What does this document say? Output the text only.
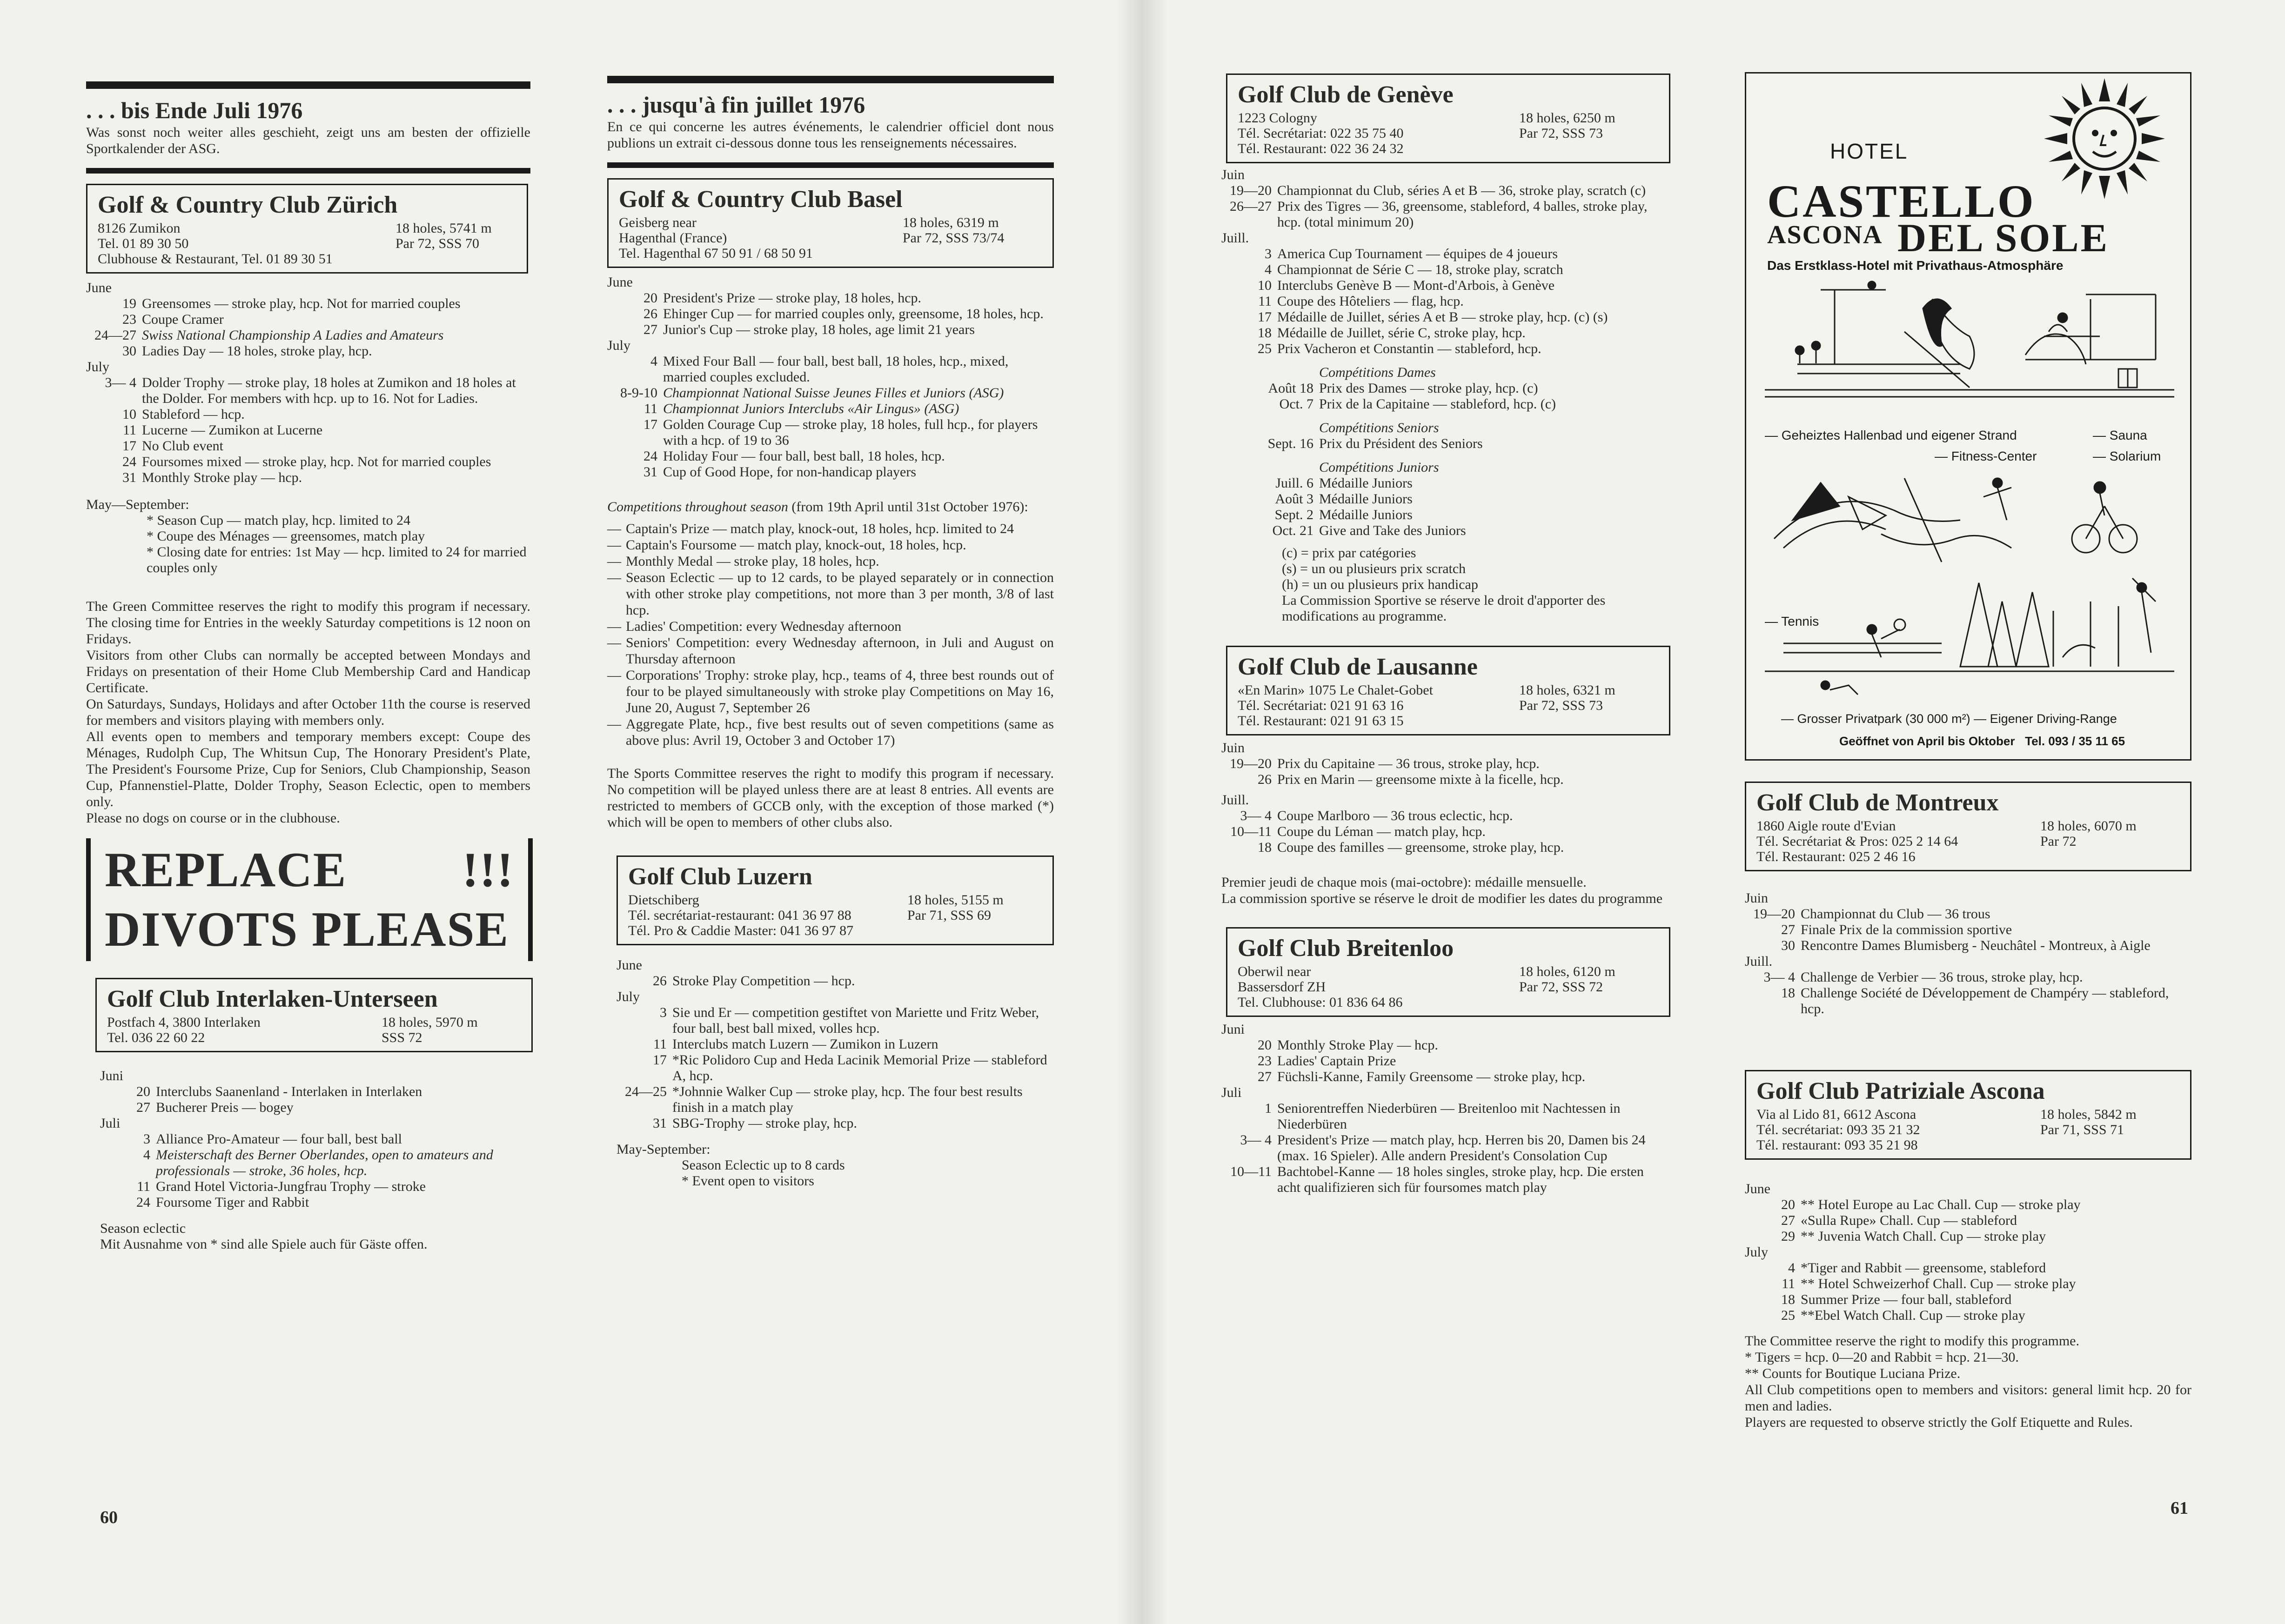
. . . bis Ende Juli 1976
Was sonst noch weiter alles geschieht, zeigt uns am besten der offizielle Sportkalender der ASG.
Golf & Country Club Zürich
8126 Zumikon
Tel. 01 89 30 50
Clubhouse & Restaurant, Tel. 01 89 30 51
18 holes, 5741 m
Par 72, SSS 70
June
19 Greensomes — stroke play, hcp. Not for married couples
23 Coupe Cramer
24—27 Swiss National Championship A Ladies and Amateurs
30 Ladies Day — 18 holes, stroke play, hcp.
July
3— 4 Dolder Trophy — stroke play, 18 holes at Zumikon and 18 holes at the Dolder. For members with hcp. up to 16. Not for Ladies.
10 Stableford — hcp.
11 Lucerne — Zumikon at Lucerne
17 No Club event
24 Foursomes mixed — stroke play, hcp. Not for married couples
31 Monthly Stroke play — hcp.
May—September:
* Season Cup — match play, hcp. limited to 24
* Coupe des Ménages — greensomes, match play
* Closing date for entries: 1st May — hcp. limited to 24 for married couples only
The Green Committee reserves the right to modify this program if necessary. The closing time for Entries in the weekly Saturday competitions is 12 noon on Fridays.
Visitors from other Clubs can normally be accepted between Mondays and Fridays on presentation of their Home Club Membership Card and Handicap Certificate.
On Saturdays, Sundays, Holidays and after October 11th the course is reserved for members and visitors playing with members only.
All events open to members and temporary members except: Coupe des Ménages, Rudolph Cup, The Whitsun Cup, The Honorary President's Plate, The President's Foursome Prize, Cup for Seniors, Club Championship, Season Cup, Pfannenstiel-Platte, Dolder Trophy, Season Eclectic, open to members only.
Please no dogs on course or in the clubhouse.
REPLACE !!!
DIVOTS PLEASE
Golf Club Interlaken-Unterseen
Postfach 4, 3800 Interlaken
Tel. 036 22 60 22
18 holes, 5970 m
SSS 72
Juni
20 Interclubs Saanenland - Interlaken in Interlaken
27 Bucherer Preis — bogey
Juli
3 Alliance Pro-Amateur — four ball, best ball
4 Meisterschaft des Berner Oberlandes, open to amateurs and professionals — stroke, 36 holes, hcp.
11 Grand Hotel Victoria-Jungfrau Trophy — stroke
24 Foursome Tiger and Rabbit
Season eclectic
Mit Ausnahme von * sind alle Spiele auch für Gäste offen.
. . . jusqu'à fin juillet 1976
En ce qui concerne les autres événements, le calendrier officiel dont nous publions un extrait ci-dessous donne tous les renseignements nécessaires.
Golf & Country Club Basel
Geisberg near
Hagenthal (France)
Tel. Hagenthal 67 50 91 / 68 50 91
18 holes, 6319 m
Par 72, SSS 73/74
June
20 President's Prize — stroke play, 18 holes, hcp.
26 Ehinger Cup — for married couples only, greensome, 18 holes, hcp.
27 Junior's Cup — stroke play, 18 holes, age limit 21 years
July
4 Mixed Four Ball — four ball, best ball, 18 holes, hcp., mixed, married couples excluded.
8-9-10 Championnat National Suisse Jeunes Filles et Juniors (ASG)
11 Championnat Juniors Interclubs «Air Lingus» (ASG)
17 Golden Courage Cup — stroke play, 18 holes, full hcp., for players with a hcp. of 19 to 36
24 Holiday Four — four ball, best ball, 18 holes, hcp.
31 Cup of Good Hope, for non-handicap players
Competitions throughout season (from 19th April until 31st October 1976):
— Captain's Prize — match play, knock-out, 18 holes, hcp. limited to 24
— Captain's Foursome — match play, knock-out, 18 holes, hcp.
— Monthly Medal — stroke play, 18 holes, hcp.
— Season Eclectic — up to 12 cards, to be played separately or in connection with other stroke play competitions, not more than 3 per month, 3/8 of last hcp.
— Ladies' Competition: every Wednesday afternoon
— Seniors' Competition: every Wednesday afternoon, in Juli and August on Thursday afternoon
— Corporations' Trophy: stroke play, hcp., teams of 4, three best rounds out of four to be played simultaneously with stroke play Competitions on May 16, June 20, August 7, September 26
— Aggregate Plate, hcp., five best results out of seven competitions (same as above plus: Avril 19, October 3 and October 17)
The Sports Committee reserves the right to modify this program if necessary. No competition will be played unless there are at least 8 entries. All events are restricted to members of GCCB only, with the exception of those marked (*) which will be open to members of other clubs also.
Golf Club Luzern
Dietschiberg
Tél. secrétariat-restaurant: 041 36 97 88
Tél. Pro & Caddie Master: 041 36 97 87
18 holes, 5155 m
Par 71, SSS 69
June
26 Stroke Play Competition — hcp.
July
3 Sie und Er — competition gestiftet von Mariette und Fritz Weber, four ball, best ball mixed, volles hcp.
11 Interclubs match Luzern — Zumikon in Luzern
17 *Ric Polidoro Cup and Heda Lacinik Memorial Prize — stableford A, hcp.
24—25 *Johnnie Walker Cup — stroke play, hcp. The four best results finish in a match play
31 SBG-Trophy — stroke play, hcp.
May-September:
Season Eclectic up to 8 cards
* Event open to visitors
60

Golf Club de Genève
1223 Cologny
Tél. Secrétariat: 022 35 75 40
Tél. Restaurant: 022 36 24 32
18 holes, 6250 m
Par 72, SSS 73
Juin
19—20 Championnat du Club, séries A et B — 36, stroke play, scratch (c)
26—27 Prix des Tigres — 36, greensome, stableford, 4 balles, stroke play, hcp. (total minimum 20)
Juill.
3 America Cup Tournament — équipes de 4 joueurs
4 Championnat de Série C — 18, stroke play, scratch
10 Interclubs Genève B — Mont-d'Arbois, à Genève
11 Coupe des Hôteliers — flag, hcp.
17 Médaille de Juillet, séries A et B — stroke play, hcp. (c) (s)
18 Médaille de Juillet, série C, stroke play, hcp.
25 Prix Vacheron et Constantin — stableford, hcp.
Compétitions Dames
Août 18 Prix des Dames — stroke play, hcp. (c)
Oct. 7 Prix de la Capitaine — stableford, hcp. (c)
Compétitions Seniors
Sept. 16 Prix du Président des Seniors
Compétitions Juniors
Juill. 6 Médaille Juniors
Août 3 Médaille Juniors
Sept. 2 Médaille Juniors
Oct. 21 Give and Take des Juniors
(c) = prix par catégories
(s) = un ou plusieurs prix scratch
(h) = un ou plusieurs prix handicap
La Commission Sportive se réserve le droit d'apporter des modifications au programme.
Golf Club de Lausanne
«En Marin» 1075 Le Chalet-Gobet
Tél. Secrétariat: 021 91 63 16
Tél. Restaurant: 021 91 63 15
18 holes, 6321 m
Par 72, SSS 73
Juin
19—20 Prix du Capitaine — 36 trous, stroke play, hcp.
26 Prix en Marin — greensome mixte à la ficelle, hcp.
Juill.
3— 4 Coupe Marlboro — 36 trous eclectic, hcp.
10—11 Coupe du Léman — match play, hcp.
18 Coupe des familles — greensome, stroke play, hcp.
Premier jeudi de chaque mois (mai-octobre): médaille mensuelle.
La commission sportive se réserve le droit de modifier les dates du programme
Golf Club Breitenloo
Oberwil near
Bassersdorf ZH
Tel. Clubhouse: 01 836 64 86
18 holes, 6120 m
Par 72, SSS 72
Juni
20 Monthly Stroke Play — hcp.
23 Ladies' Captain Prize
27 Füchsli-Kanne, Family Greensome — stroke play, hcp.
Juli
1 Seniorentreffen Niederbüren — Breitenloo mit Nachtessen in Niederbüren
3— 4 President's Prize — match play, hcp. Herren bis 20, Damen bis 24 (max. 16 Spieler). Alle andern President's Consolation Cup
10—11 Bachtobel-Kanne — 18 holes singles, stroke play, hcp. Die ersten acht qualifizieren sich für foursomes match play
HOTEL
CASTELLO
ASCONA DEL SOLE
Das Erstklass-Hotel mit Privathaus-Atmosphäre
— Geheiztes Hallenbad und eigener Strand	— Sauna
— Fitness-Center	— Solarium
— Tennis
— Grosser Privatpark (30 000 m²) — Eigener Driving-Range
Geöffnet von April bis Oktober   Tel. 093 / 35 11 65
Golf Club de Montreux
1860 Aigle route d'Evian
Tél. Secrétariat & Pros: 025 2 14 64
Tél. Restaurant: 025 2 46 16
18 holes, 6070 m
Par 72
Juin
19—20 Championnat du Club — 36 trous
27 Finale Prix de la commission sportive
30 Rencontre Dames Blumisberg - Neuchâtel - Montreux, à Aigle
Juill.
3— 4 Challenge de Verbier — 36 trous, stroke play, hcp.
18 Challenge Société de Développement de Champéry — stableford, hcp.
Golf Club Patriziale Ascona
Via al Lido 81, 6612 Ascona
Tél. secrétariat: 093 35 21 32
Tél. restaurant: 093 35 21 98
18 holes, 5842 m
Par 71, SSS 71
June
20 ** Hotel Europe au Lac Chall. Cup — stroke play
27 «Sulla Rupe» Chall. Cup — stableford
29 ** Juvenia Watch Chall. Cup — stroke play
July
4 *Tiger and Rabbit — greensome, stableford
11 ** Hotel Schweizerhof Chall. Cup — stroke play
18 Summer Prize — four ball, stableford
25 **Ebel Watch Chall. Cup — stroke play
The Committee reserve the right to modify this programme.
* Tigers = hcp. 0—20 and Rabbit = hcp. 21—30.
** Counts for Boutique Luciana Prize.
All Club competitions open to members and visitors: general limit hcp. 20 for men and ladies.
Players are requested to observe strictly the Golf Etiquette and Rules.
61
